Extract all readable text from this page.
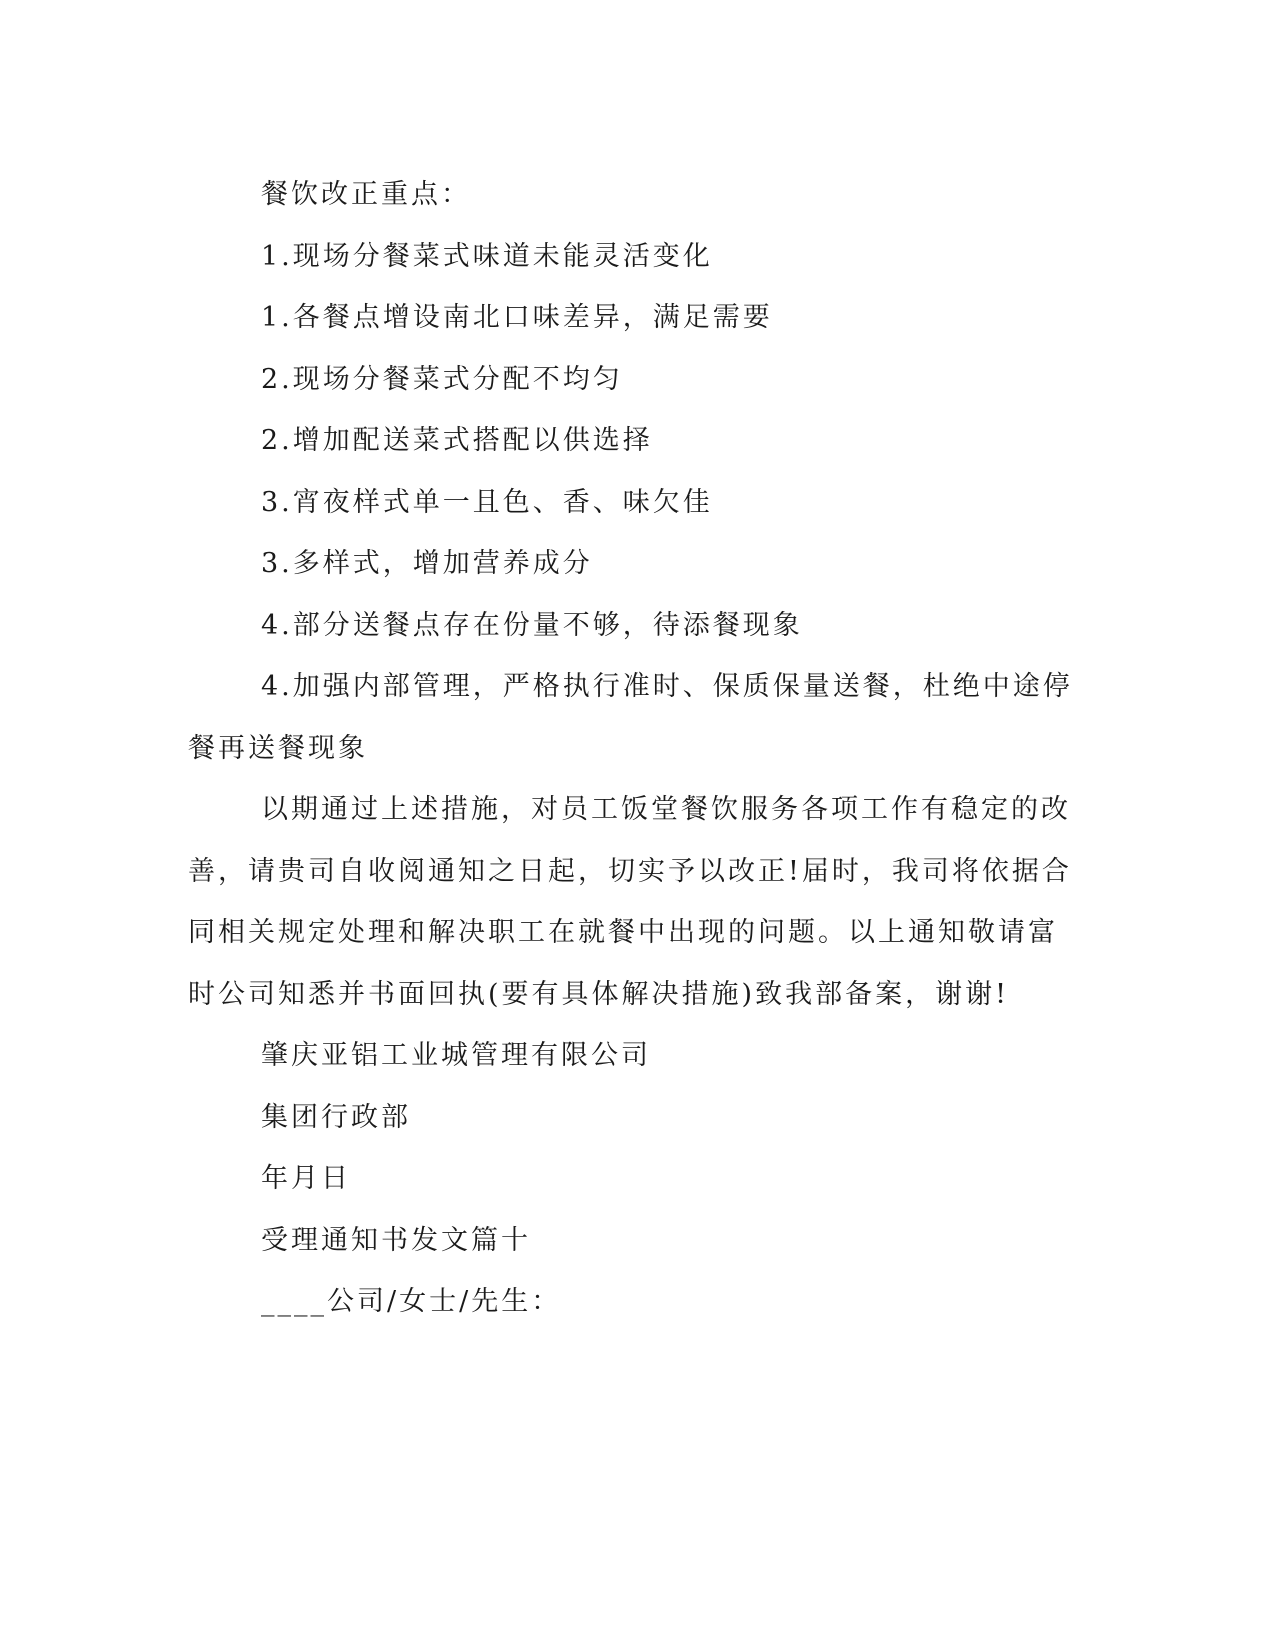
餐饮改正重点：

1.现场分餐菜式味道未能灵活变化

1.各餐点增设南北口味差异，满足需要

2.现场分餐菜式分配不均匀

2.增加配送菜式搭配以供选择

3.宵夜样式单一且色、香、味欠佳

3.多样式，增加营养成分

4.部分送餐点存在份量不够，待添餐现象

4.加强内部管理，严格执行准时、保质保量送餐，杜绝中途停餐再送餐现象

以期通过上述措施，对员工饭堂餐饮服务各项工作有稳定的改善，请贵司自收阅通知之日起，切实予以改正!届时，我司将依据合同相关规定处理和解决职工在就餐中出现的问题。以上通知敬请富时公司知悉并书面回执(要有具体解决措施)致我部备案，谢谢!

肇庆亚铝工业城管理有限公司

集团行政部

年月日

受理通知书发文篇十

____公司/女士/先生：
